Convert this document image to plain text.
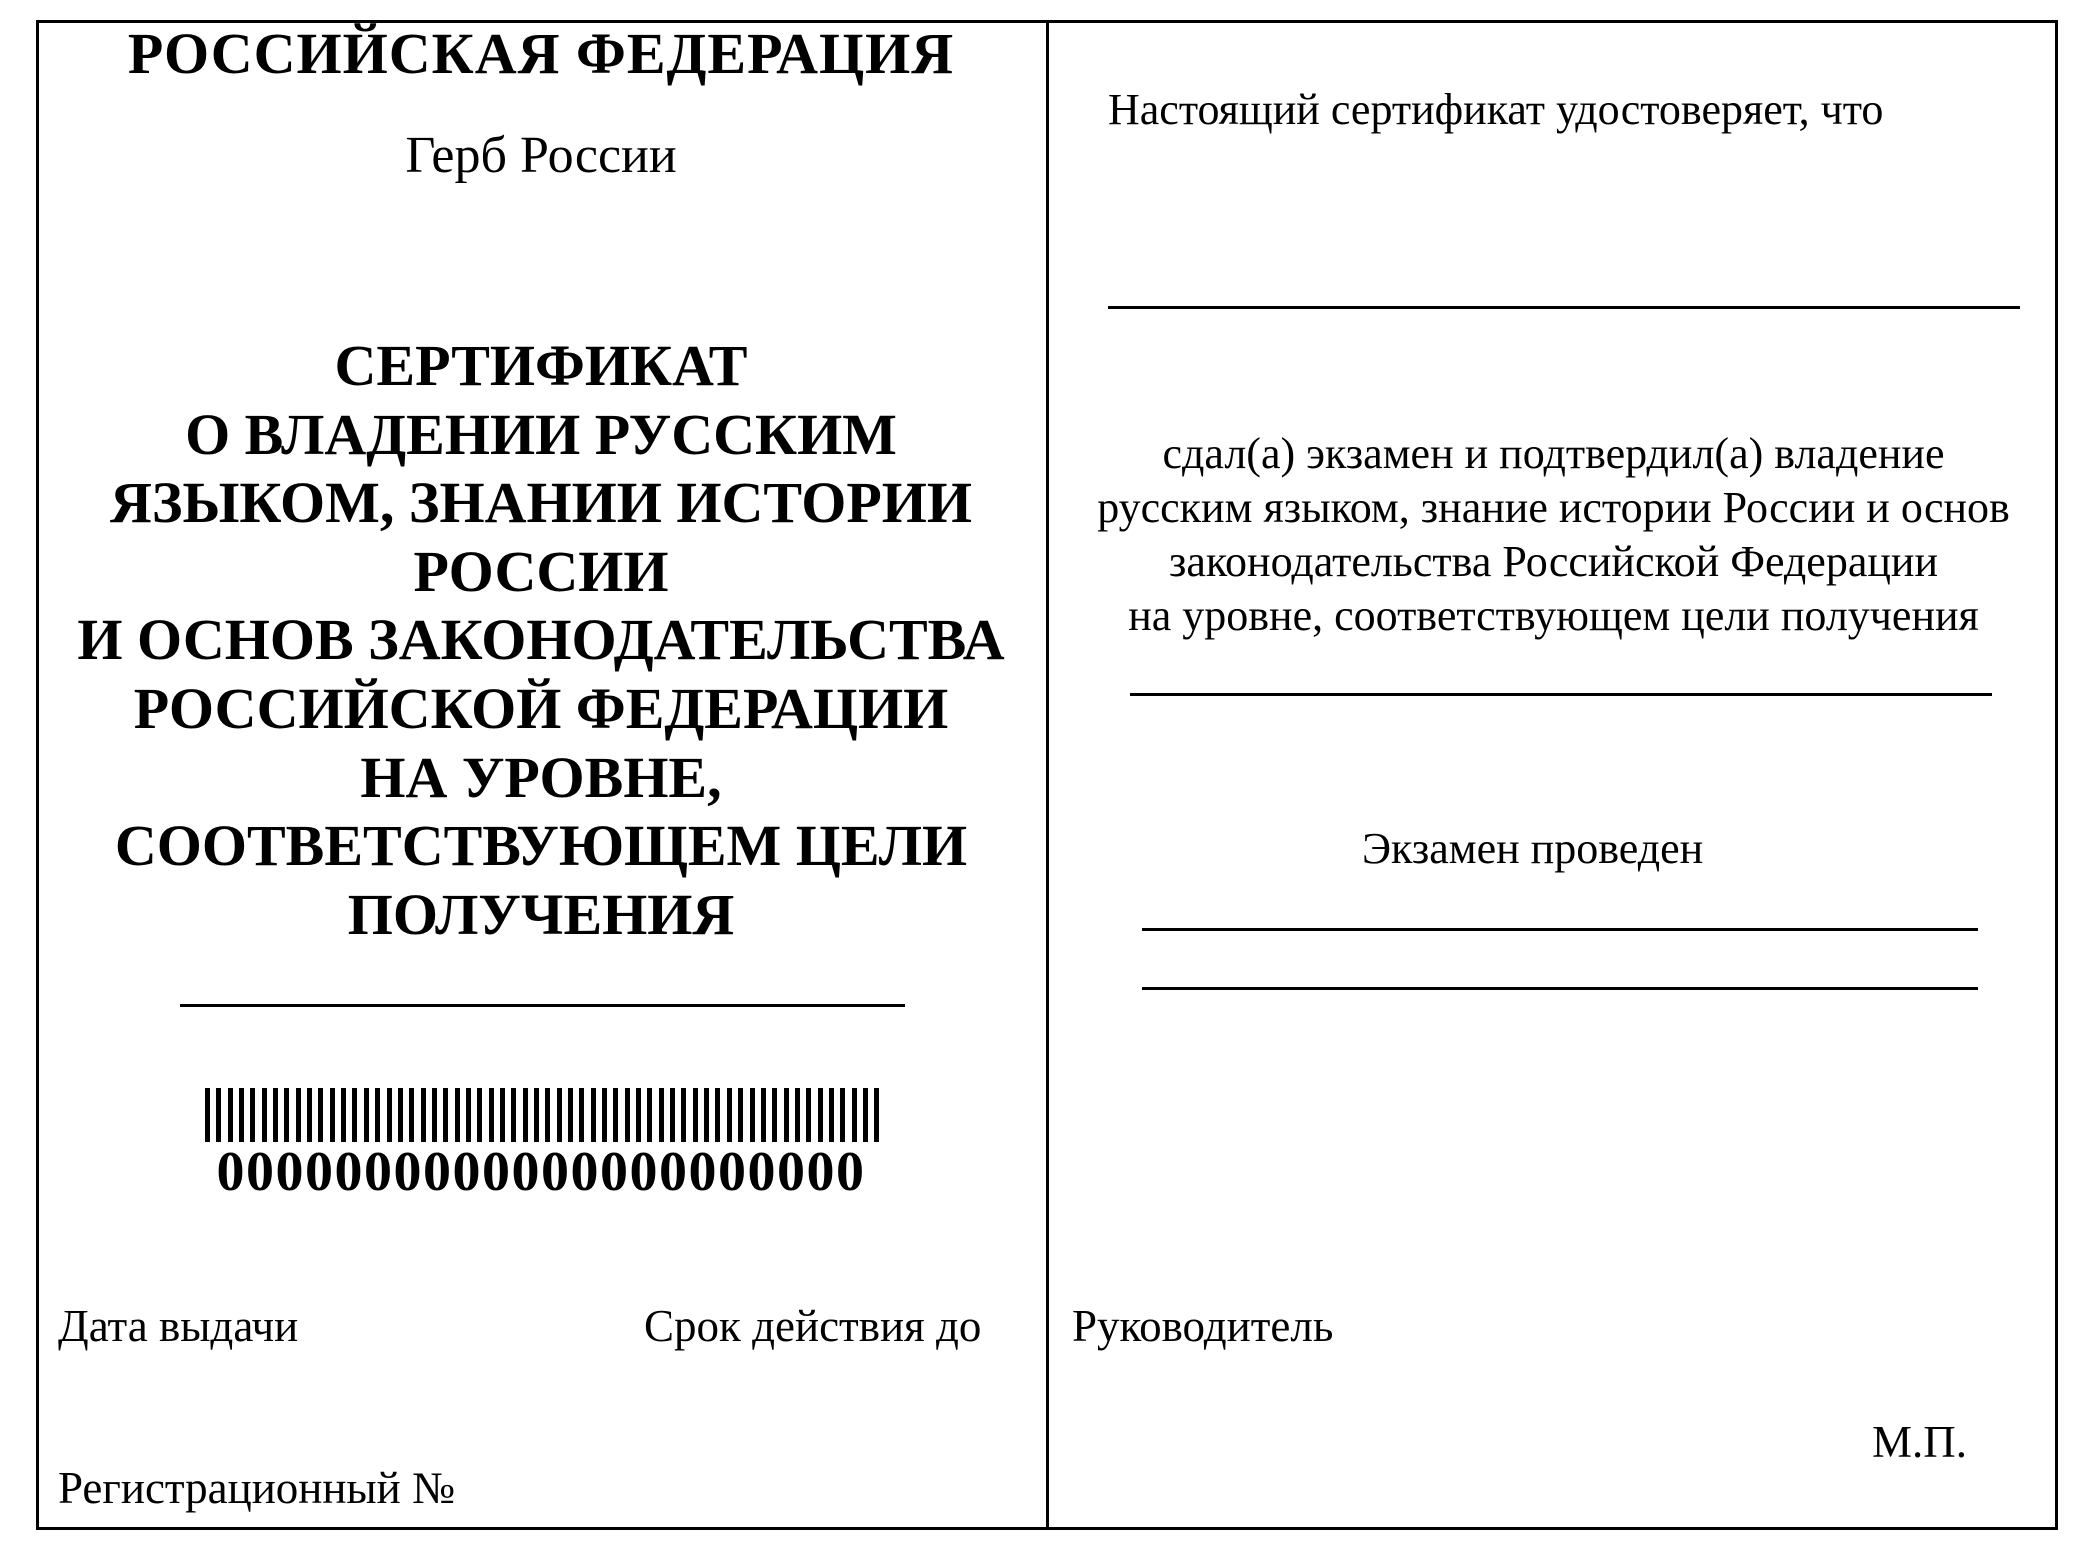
РОССИЙСКАЯ ФЕДЕРАЦИЯ
Герб России
СЕРТИФИКАТ
О ВЛАДЕНИИ РУССКИМ
ЯЗЫКОМ, ЗНАНИИ ИСТОРИИ
РОССИИ
И ОСНОВ ЗАКОНОДАТЕЛЬСТВА
РОССИЙСКОЙ ФЕДЕРАЦИИ
НА УРОВНЕ,
СООТВЕТСТВУЮЩЕМ ЦЕЛИ
ПОЛУЧЕНИЯ
0000000000000000000000
Дата выдачи	Срок действия до
Регистрационный №
Настоящий сертификат удостоверяет, что
сдал(а) экзамен и подтвердил(а) владение
русским языком, знание истории России и основ
законодательства Российской Федерации
на уровне, соответствующем цели получения
Экзамен проведен
Руководитель
М.П.
